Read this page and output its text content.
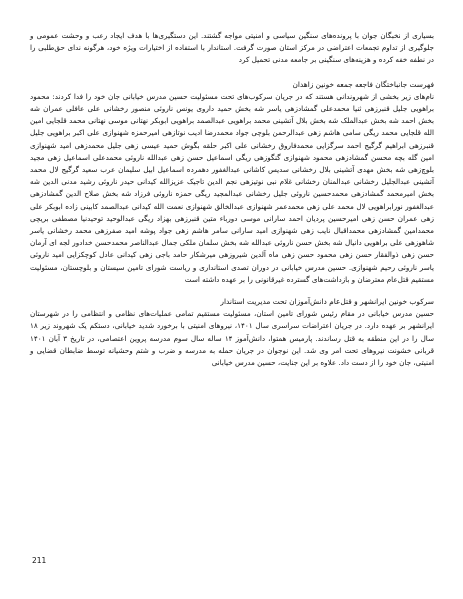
بسیاری از نخبگان جوان با پرونده‌های سنگین سیاسی و امنیتی مواجه گشتند. این دستگیری‌ها با هدف ایجاد رعب و وحشت عمومی و جلوگیری از تداوم تجمعات اعتراضی در مرکز استان صورت گرفت. استاندار با استفاده از اختیارات ویژه خود، هرگونه ندای حق‌طلبی را در نطفه خفه کرده و هزینه‌های سنگینی بر جامعه مدنی تحمیل کرد

فهرست جانباختگان فاجعه جمعه خونین زاهدان

نام‌های زیر بخشی از شهروندانی هستند که در جریان سرکوب‌های تحت مسئولیت حسین مدرس خیابانی جان خود را فدا کردند: محمود براهویی جلیل قنبرزهی ثنیا محمدعلی گمشادزهی یاسر شه بخش حمید داروی یونس ناروئی منصور رخشانی علی عافلی عمران شه بخش احمد شه بخش عبدالملک شه بخش بلال آتشینی محمد براهویی عبدالصمد براهویی ابوبکر نهتانی موسی نهتانی محمد قلجایی امین الله قلجایی محمد ریگی سامی هاشم زهی عبدالرحمن بلوچی جواد محمدرضا ادیب نوتازهی امیرحمزه شهنوازی علی اکبر براهویی جلیل قنبرزهی ابراهیم گرگیج احمد سرگزایی محمدفاروق رخشانی علی اکبر حلقه بگوش حمید عیسی زهی جلیل محمدزهی امید شهنوازی امین گله بچه محسن گمشادزهی محمود شهنوازی گنگوزهی ریگی اسماعیل حسن زهی عبدالله ناروئی محمدعلی اسماعیل زهی مجید بلوچ‌زهی شه بخش مهدی آتشینی بلال رخشانی سدیس کاشانی عبدالغفور دهمرده اسماعیل ابیل سلیمان عرب سعید گرگیج لال محمد آتشینی عبدالجلیل رخشانی عبدالمنان رخشانی غلام نبی نوتیزهی نجم الدین تاجیک عزیزالله کیدانی حیدر ناروئی رشید مدنی الدین شه بخش امیرمحمد گمشادزهی محمدحسین ناروئی جلیل رخشانی عبدالمجید ریگی حمزه ناروئی فرزاد شه بخش صلاح الدین گمشادزهی عبدالغفور نورابراهویی لال محمد علی زهی محمدعمر شهنوازی عبدالخالق شهنوازی نعمت الله کیدانی عبدالصمد کابینی زاده ابوبکر علی زهی عمران حسن زهی امیرحسین پردیان احمد سارانی موسی دورباء متین قنبرزهی بهزاد ریگی عبدالوحید توحیدنیا مصطفی بریچی محمدامین گمشادزهی محمداقبال نایب زهی شهنوازی امید سارانی سامر هاشم زهی جواد پوشه امید صفرزهی محمد رخشانی یاسر شاهوزهی علی براهویی دانیال شه بخش حسن ناروئی عبدالله شه بخش سلمان ملکی جمال عبدالناصر محمدحسن خدادور لجه ای آرمان حسن زهی ذوالفقار حسن زهی محمود حسن زهی ماه آلدین شیروزهی میرشکار حامد باجی زهی کیدانی عادل کوچکزایی امید ناروئی یاسر ناروئی رحیم شهنوازی. حسین مدرس خیابانی در دوران تصدی استانداری و ریاست شورای تامین سیستان و بلوچستان، مسئولیت مستقیم قتل‌عام معترضان و بازداشت‌های گسترده غیرقانونی را بر عهده داشته است

سرکوب خونین ایرانشهر و قتل‌عام دانش‌آموزان تحت مدیریت استاندار

حسین مدرس خیابانی در مقام رئیس شورای تامین استان، مسئولیت مستقیم تمامی عملیات‌های نظامی و انتظامی را در شهرستان ایرانشهر بر عهده دارد. در جریان اعتراضات سراسری سال ۱۴۰۱، نیروهای امنیتی با برخورد شدید خیابانی، دستکم یک شهروند زیر ۱۸ سال را در این منطقه به قتل رساندند. پارمیس همتوا، دانش‌آموز ۱۴ ساله سال سوم مدرسه پروین اعتصامی، در تاریخ ۳ آبان ۱۴۰۱ قربانی خشونت نیروهای تحت امر وی شد. این نوجوان در جریان حمله به مدرسه و ضرب و شتم وحشیانه توسط ضابطان قضایی و امنیتی، جان خود را از دست داد. علاوه بر این جنایت، حسین مدرس خیابانی

211
